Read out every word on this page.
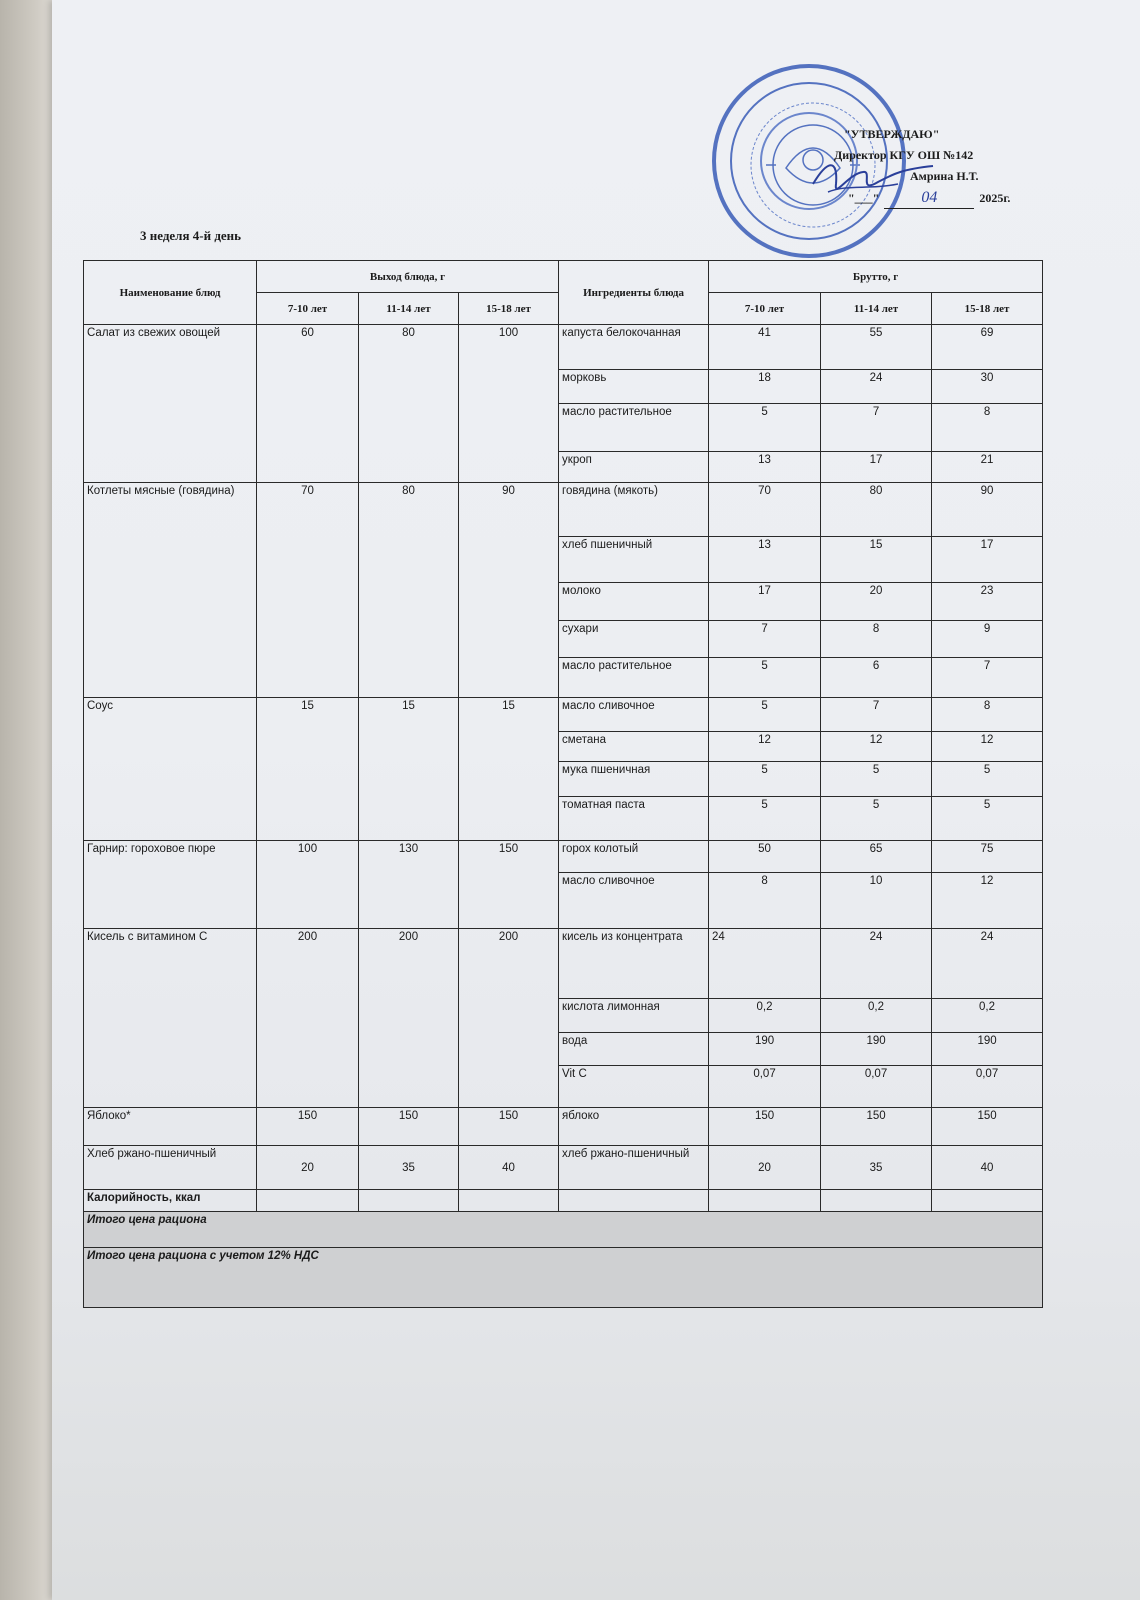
"УТВЕРЖДАЮ"
Директор КГУ ОШ №142
Амрина Н.Т.
"___"	04	2025г.
3 неделя 4-й день
Наименование блюд	Выход блюда, г			Ингредиенты блюда	Брутто, г		
	7-10 лет	11-14 лет	15-18 лет		7-10 лет	11-14 лет	15-18 лет
Салат из свежих овощей	60	80	100	капуста белокочанная	41	55	69
				морковь	18	24	30
				масло растительное	5	7	8
				укроп	13	17	21
Котлеты мясные (говядина)	70	80	90	говядина (мякоть)	70	80	90
				хлеб пшеничный	13	15	17
				молоко	17	20	23
				сухари	7	8	9
				масло растительное	5	6	7
Соус	15	15	15	масло сливочное	5	7	8
				сметана	12	12	12
				мука пшеничная	5	5	5
				томатная паста	5	5	5
Гарнир: гороховое пюре	100	130	150	горох колотый	50	65	75
				масло сливочное	8	10	12
Кисель с витамином С	200	200	200	кисель из концентрата	24	24	24
				кислота лимонная	0,2	0,2	0,2
				вода	190	190	190
				Vit C	0,07	0,07	0,07
Яблоко*	150	150	150	яблоко	150	150	150
Хлеб ржано-пшеничный	20	35	40	хлеб ржано-пшеничный	20	35	40
Калорийность, ккал							
Итого цена рациона							
Итого цена рациона с учетом 12% НДС							
